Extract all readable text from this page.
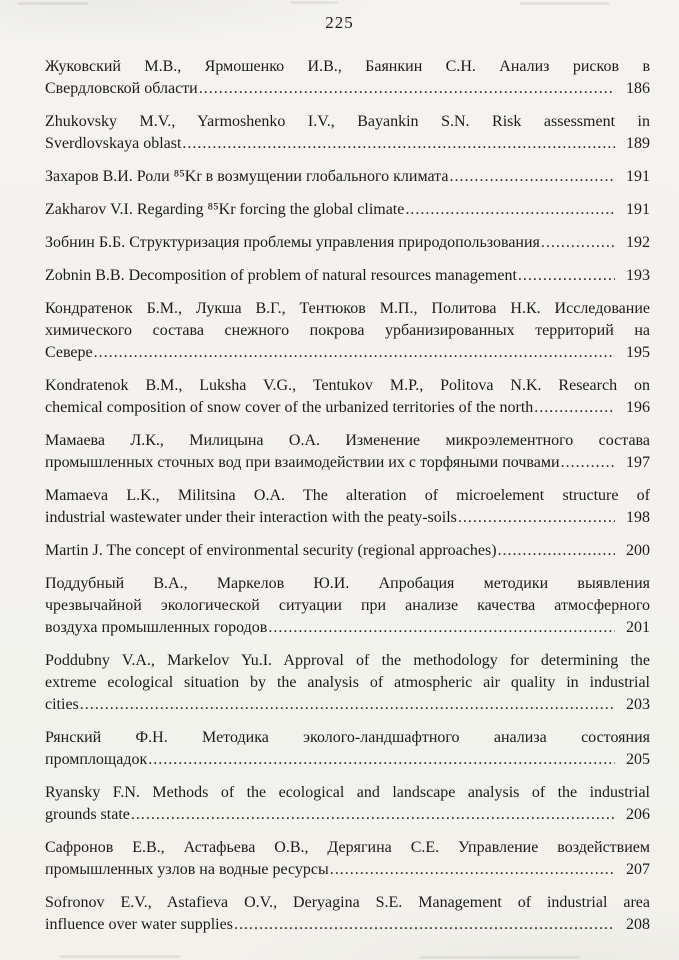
225
Жуковский М.В., Ярмошенко И.В., Баянкин С.Н. Анализ рисков в
Свердловской области .....	186
Zhukovsky M.V., Yarmoshenko I.V., Bayankin S.N. Risk assessment in
Sverdlovskaya oblast .....	189
Захаров В.И. Роли ⁸⁵Kr в возмущении глобального климата .....	191
Zakharov V.I. Regarding ⁸⁵Kr forcing the global climate .....	191
Зобнин Б.Б. Структуризация проблемы управления природопользования .....	192
Zobnin B.B. Decomposition of problem of natural resources management .....	193
Кондратенок Б.М., Лукша В.Г., Тентюков М.П., Политова Н.К. Исследование
химического состава снежного покрова урбанизированных территорий на
Севере .....	195
Kondratenok B.M., Luksha V.G., Tentukov M.P., Politova N.K. Research on
chemical composition of snow cover of the urbanized territories of the north .....	196
Мамаева Л.К., Милицына О.А. Изменение микроэлементного состава
промышленных сточных вод при взаимодействии их с торфяными почвами .....	197
Mamaeva L.K., Militsina O.A. The alteration of microelement structure of
industrial wastewater under their interaction with the peaty-soils .....	198
Martin J. The concept of environmental security (regional approaches) .....	200
Поддубный В.А., Маркелов Ю.И. Апробация методики выявления
чрезвычайной экологической ситуации при анализе качества атмосферного
воздуха промышленных городов .....	201
Poddubny V.A., Markelov Yu.I. Approval of the methodology for determining the
extreme ecological situation by the analysis of atmospheric air quality in industrial
cities .....	203
Рянский Ф.Н. Методика эколого-ландшафтного анализа состояния
промплощадок .....	205
Ryansky F.N. Methods of the ecological and landscape analysis of the industrial
grounds state .....	206
Сафронов Е.В., Астафьева О.В., Дерягина С.Е. Управление воздействием
промышленных узлов на водные ресурсы .....	207
Sofronov E.V., Astafieva O.V., Deryagina S.E. Management of industrial area
influence over water supplies .....	208
